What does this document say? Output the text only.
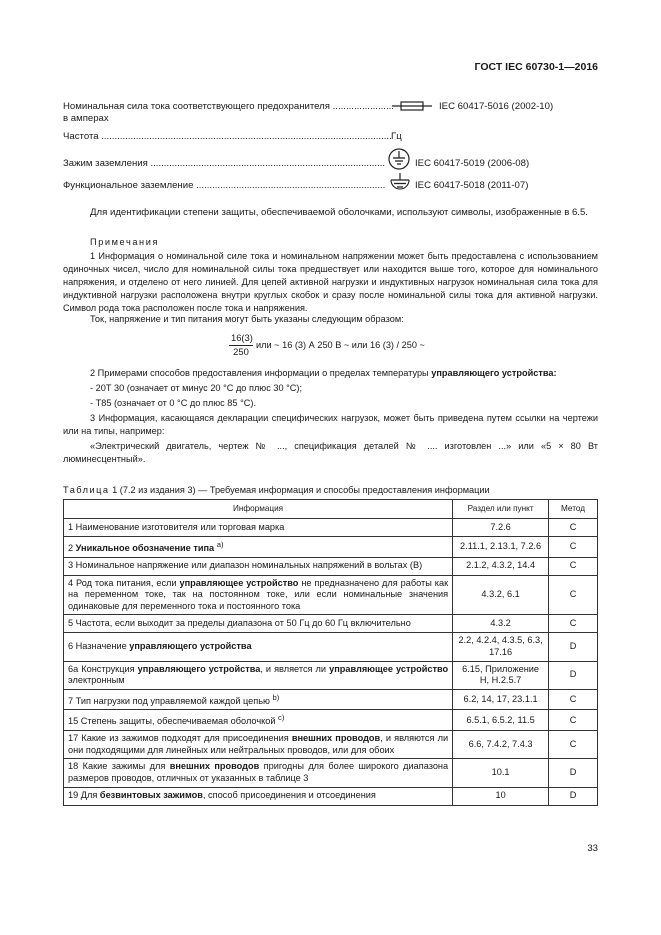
ГОСТ IEC 60730-1—2016
Номинальная сила тока соответствующего предохранителя .....	IEC 60417-5016 (2002-10)
в амперах
Частота .....	Гц
Зажим заземления .....	IEC 60417-5019 (2006-08)
Функциональное заземление .....	IEC 60417-5018 (2011-07)
Для идентификации степени защиты, обеспечиваемой оболочками, используют символы, изображенные в 6.5.
Примечания
1 Информация о номинальной силе тока и номинальном напряжении может быть предоставлена с использованием одиночных чисел, число для номинальной силы тока предшествует или находится выше того, которое для номинального напряжения, и отделено от него линией. Для цепей активной нагрузки и индуктивных нагрузок номинальная сила тока для индуктивной нагрузки расположена внутри круглых скобок и сразу после номинальной силы тока для активной нагрузки. Символ рода тока расположен после тока и напряжения.
Ток, напряжение и тип питания могут быть указаны следующим образом:
$\frac{16(3)}{250}$ или ~ 16 (3) А 250 В ~ или 16 (3) / 250 ~
2 Примерами способов предоставления информации о пределах температуры управляющего устройства:
- 20Т 30 (означает от минус 20 °С до плюс 30 °С);
- Т85 (означает от 0 °С до плюс 85 °С).
3 Информация, касающаяся декларации специфических нагрузок, может быть приведена путем ссылки на чертежи или на типы, например:
«Электрический двигатель, чертеж № ..., спецификация деталей № .... изготовлен ...» или «5 × 80 Вт люминесцентный».
Таблица 1 (7.2 из издания 3) — Требуемая информация и способы предоставления информации
Информация	Раздел или пункт	Метод
1 Наименование изготовителя или торговая марка	7.2.6	C
2 Уникальное обозначение типа $^{а)}$	2.11.1, 2.13.1, 7.2.6	C
3 Номинальное напряжение или диапазон номинальных напряжений в вольтах (В)	2.1.2, 4.3.2, 14.4	C
4 Род тока питания, если управляющее устройство не предназначено для работы как на переменном токе, так на постоянном токе, или если номинальные значения одинаковые для переменного тока и постоянного тока	4.3.2, 6.1	C
5 Частота, если выходит за пределы диапазона от 50 Гц до 60 Гц включительно	4.3.2	C
6 Назначение управляющего устройства	2.2, 4.2.4, 4.3.5, 6.3, 17.16	D
6а Конструкция управляющего устройства, и является ли управляющее устройство электронным	6.15, Приложение Н, Н.2.5.7	D
7 Тип нагрузки под управляемой каждой цепью $^{b)}$	6.2, 14, 17, 23.1.1	C
15 Степень защиты, обеспечиваемая оболочкой $^{с)}$	6.5.1, 6.5.2, 11.5	C
17 Какие из зажимов подходят для присоединения внешних проводов, и являются ли они подходящими для линейных или нейтральных проводов, или для обоих	6.6, 7.4.2, 7.4.3	C
18 Какие зажимы для внешних проводов пригодны для более широкого диапазона размеров проводов, отличных от указанных в таблице 3	10.1	D
19 Для безвинтовых зажимов, способ присоединения и отсоединения	10	D
33
